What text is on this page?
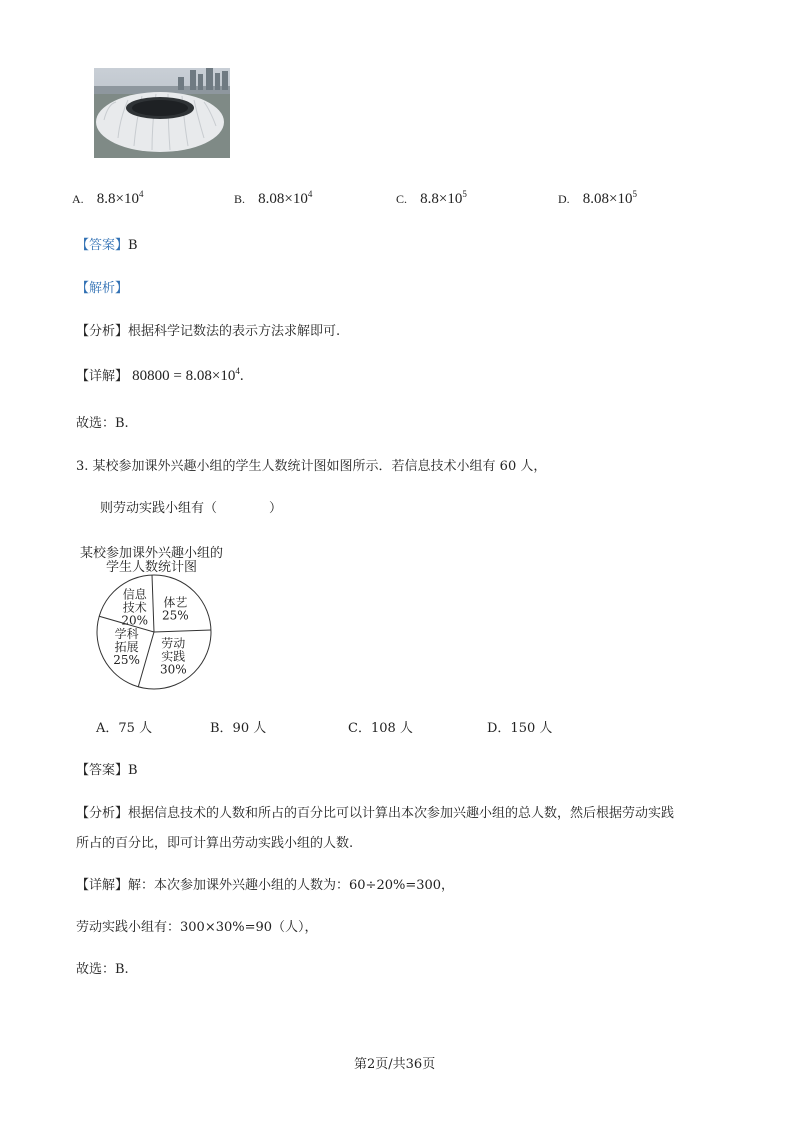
A. $8.8\times 10^4$	B. $8.08\times 10^4$	C. $8.8\times 10^5$	D. $8.08\times 10^5$
【答案】B
【解析】
【分析】根据科学记数法的表示方法求解即可.
【详解】 $80800 = 8.08\times 10^4$.
故选：B.
3. 某校参加课外兴趣小组的学生人数统计图如图所示．若信息技术小组有 60 人，
则劳动实践小组有（　　　　）
某校参加课外兴趣小组的
学生人数统计图
体艺
25%
劳动
实践
30%
学科
拓展
25%
信息
技术
20%
A．75 人	B．90 人	C．108 人	D．150 人
【答案】B
【分析】根据信息技术的人数和所占的百分比可以计算出本次参加兴趣小组的总人数，然后根据劳动实践
所占的百分比，即可计算出劳动实践小组的人数.
【详解】解：本次参加课外兴趣小组的人数为：60÷20%=300，
劳动实践小组有：300×30%=90（人），
故选：B.
第2页/共36页
